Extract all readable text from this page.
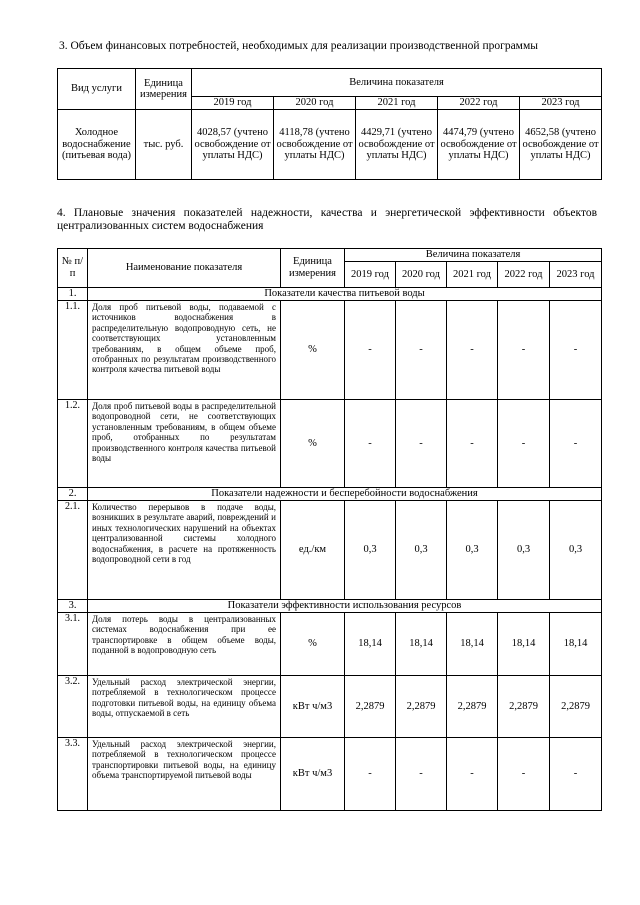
3. Объем финансовых потребностей, необходимых для реализации производственной программы

Вид услуги	Единица измерения	Величина показателя				
		2019 год	2020 год	2021 год	2022 год	2023 год
Холодное водоснабжение (питьевая вода)	тыс. руб.	4028,57 (учтено освобождение от уплаты НДС)	4118,78 (учтено освобождение от уплаты НДС)	4429,71 (учтено освобождение от уплаты НДС)	4474,79 (учтено освобождение от уплаты НДС)	4652,58 (учтено освобождение от уплаты НДС)

4. Плановые значения показателей надежности, качества и энергетической эффективности объектов централизованных систем водоснабжения

№ п/п	Наименование показателя	Единица измерения	Величина показателя				
			2019 год	2020 год	2021 год	2022 год	2023 год
1.	Показатели качества питьевой воды						
1.1.	Доля проб питьевой воды, подаваемой с источников водоснабжения в распределительную водопроводную сеть, не соответствующих установленным требованиям, в общем объеме проб, отобранных по результатам производственного контроля качества питьевой воды	%	-	-	-	-	-
1.2.	Доля проб питьевой воды в распределительной водопроводной сети, не соответствующих установленным требованиям, в общем объеме проб, отобранных по результатам производственного контроля качества питьевой воды	%	-	-	-	-	-
2.	Показатели надежности и бесперебойности водоснабжения						
2.1.	Количество перерывов в подаче воды, возникших в результате аварий, повреждений и иных технологических нарушений на объектах централизованной системы холодного водоснабжения, в расчете на протяженность водопроводной сети в год	ед./км	0,3	0,3	0,3	0,3	0,3
3.	Показатели эффективности использования ресурсов						
3.1.	Доля потерь воды в централизованных системах водоснабжения при ее транспортировке в общем объеме воды, поданной в водопроводную сеть	%	18,14	18,14	18,14	18,14	18,14
3.2.	Удельный расход электрической энергии, потребляемой в технологическом процессе подготовки питьевой воды, на единицу объема воды, отпускаемой в сеть	кВт ч/м3	2,2879	2,2879	2,2879	2,2879	2,2879
3.3.	Удельный расход электрической энергии, потребляемой в технологическом процессе транспортировки питьевой воды, на единицу объема транспортируемой питьевой воды	кВт ч/м3	-	-	-	-	-
